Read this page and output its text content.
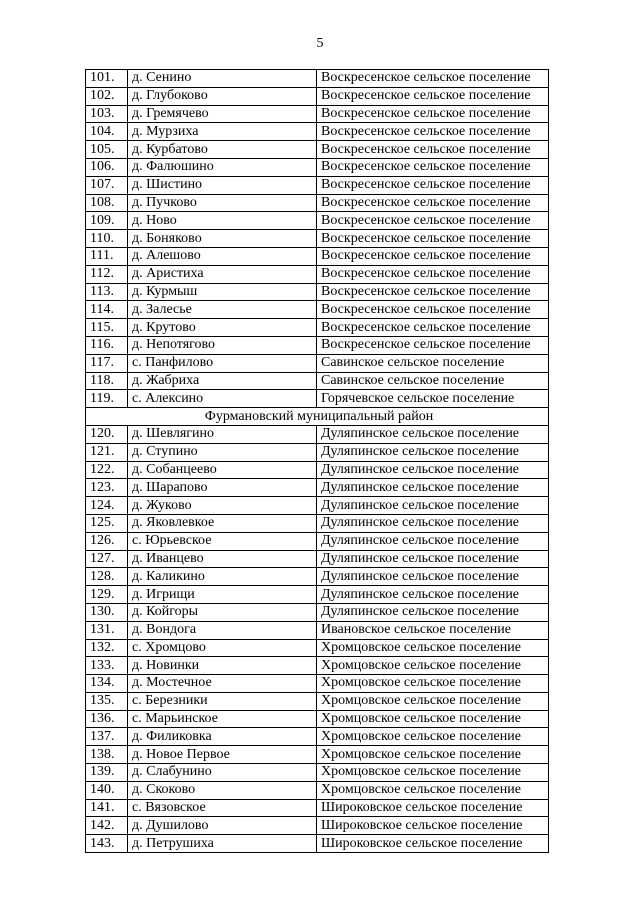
5
101.	д. Сенино	Воскресенское сельское поселение
102.	д. Глубоково	Воскресенское сельское поселение
103.	д. Гремячево	Воскресенское сельское поселение
104.	д. Мурзиха	Воскресенское сельское поселение
105.	д. Курбатово	Воскресенское сельское поселение
106.	д. Фалюшино	Воскресенское сельское поселение
107.	д. Шистино	Воскресенское сельское поселение
108.	д. Пучково	Воскресенское сельское поселение
109.	д. Ново	Воскресенское сельское поселение
110.	д. Боняково	Воскресенское сельское поселение
111.	д. Алешово	Воскресенское сельское поселение
112.	д. Аристиха	Воскресенское сельское поселение
113.	д. Курмыш	Воскресенское сельское поселение
114.	д. Залесье	Воскресенское сельское поселение
115.	д. Крутово	Воскресенское сельское поселение
116.	д. Непотягово	Воскресенское сельское поселение
117.	с. Панфилово	Савинское сельское поселение
118.	д. Жабриха	Савинское сельское поселение
119.	с. Алексино	Горячевское сельское поселение
Фурмановский муниципальный район		
120.	д. Шевлягино	Дуляпинское сельское поселение
121.	д. Ступино	Дуляпинское сельское поселение
122.	д. Собанцеево	Дуляпинское сельское поселение
123.	д. Шарапово	Дуляпинское сельское поселение
124.	д. Жуково	Дуляпинское сельское поселение
125.	д. Яковлевкое	Дуляпинское сельское поселение
126.	с. Юрьевское	Дуляпинское сельское поселение
127.	д. Иванцево	Дуляпинское сельское поселение
128.	д. Каликино	Дуляпинское сельское поселение
129.	д. Игрищи	Дуляпинское сельское поселение
130.	д. Койгоры	Дуляпинское сельское поселение
131.	д. Вондога	Ивановское сельское поселение
132.	с. Хромцово	Хромцовское сельское поселение
133.	д. Новинки	Хромцовское сельское поселение
134.	д. Мостечное	Хромцовское сельское поселение
135.	с. Березники	Хромцовское сельское поселение
136.	с. Марьинское	Хромцовское сельское поселение
137.	д. Филиковка	Хромцовское сельское поселение
138.	д. Новое Первое	Хромцовское сельское поселение
139.	д. Слабунино	Хромцовское сельское поселение
140.	д. Скоково	Хромцовское сельское поселение
141.	с. Вязовское	Широковское сельское поселение
142.	д. Душилово	Широковское сельское поселение
143.	д. Петрушиха	Широковское сельское поселение
